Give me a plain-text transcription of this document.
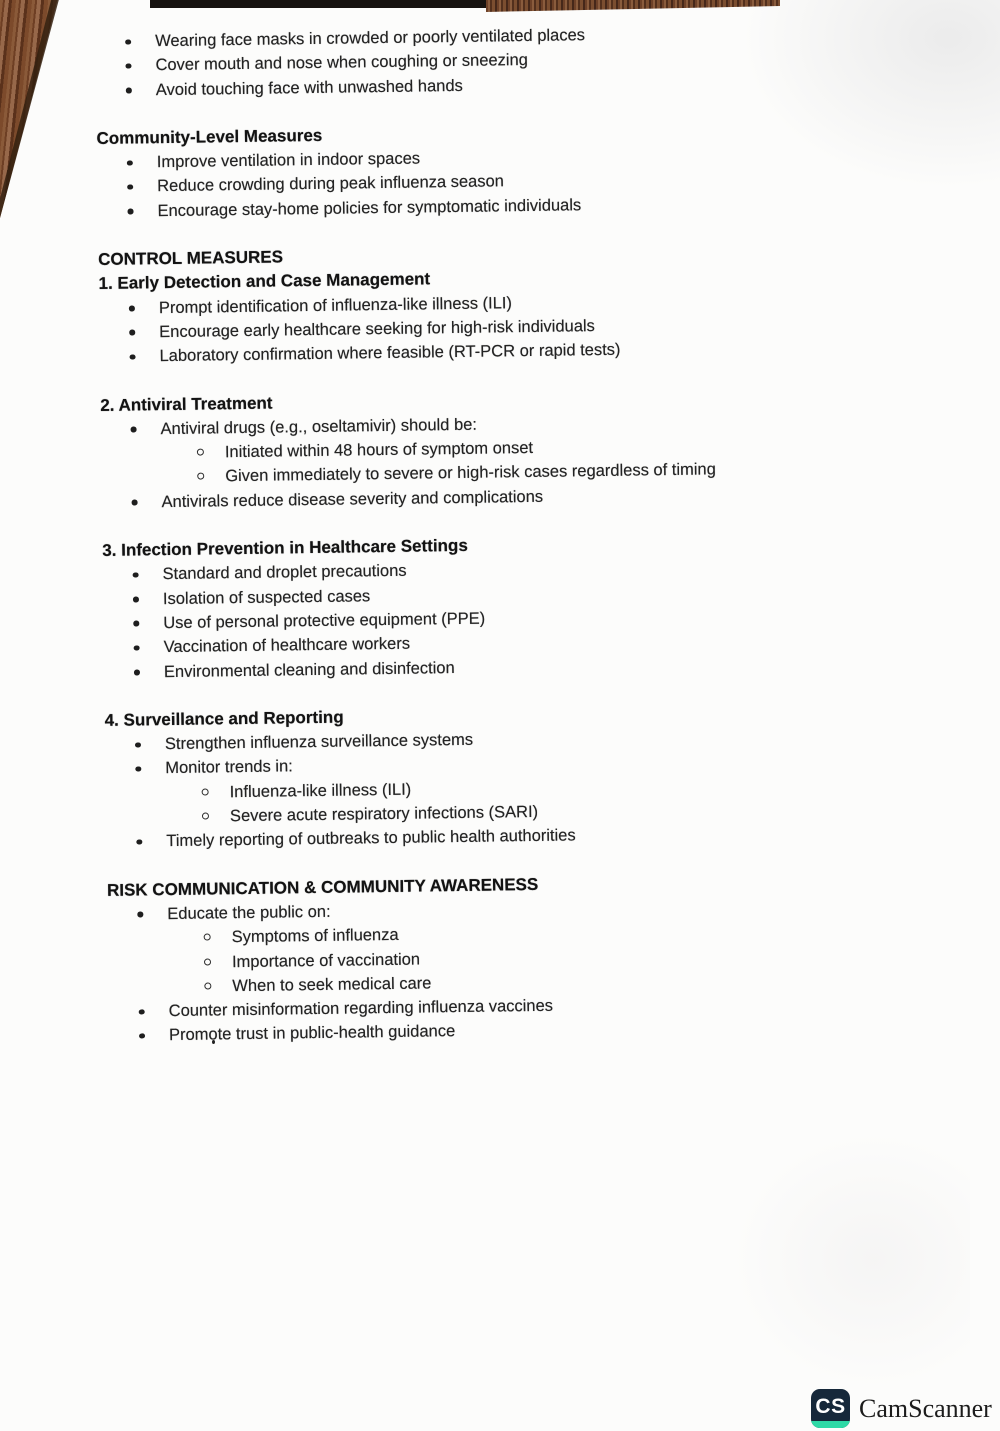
Wearing face masks in crowded or poorly ventilated places
Cover mouth and nose when coughing or sneezing
Avoid touching face with unwashed hands
Community-Level Measures
Improve ventilation in indoor spaces
Reduce crowding during peak influenza season
Encourage stay-home policies for symptomatic individuals
CONTROL MEASURES
1. Early Detection and Case Management
Prompt identification of influenza-like illness (ILI)
Encourage early healthcare seeking for high-risk individuals
Laboratory confirmation where feasible (RT-PCR or rapid tests)
2. Antiviral Treatment
Antiviral drugs (e.g., oseltamivir) should be:
Initiated within 48 hours of symptom onset
Given immediately to severe or high-risk cases regardless of timing
Antivirals reduce disease severity and complications
3. Infection Prevention in Healthcare Settings
Standard and droplet precautions
Isolation of suspected cases
Use of personal protective equipment (PPE)
Vaccination of healthcare workers
Environmental cleaning and disinfection
4. Surveillance and Reporting
Strengthen influenza surveillance systems
Monitor trends in:
Influenza-like illness (ILI)
Severe acute respiratory infections (SARI)
Timely reporting of outbreaks to public health authorities
RISK COMMUNICATION & COMMUNITY AWARENESS
Educate the public on:
Symptoms of influenza
Importance of vaccination
When to seek medical care
Counter misinformation regarding influenza vaccines
Promote trust in public-health guidance
CS CamScanner
